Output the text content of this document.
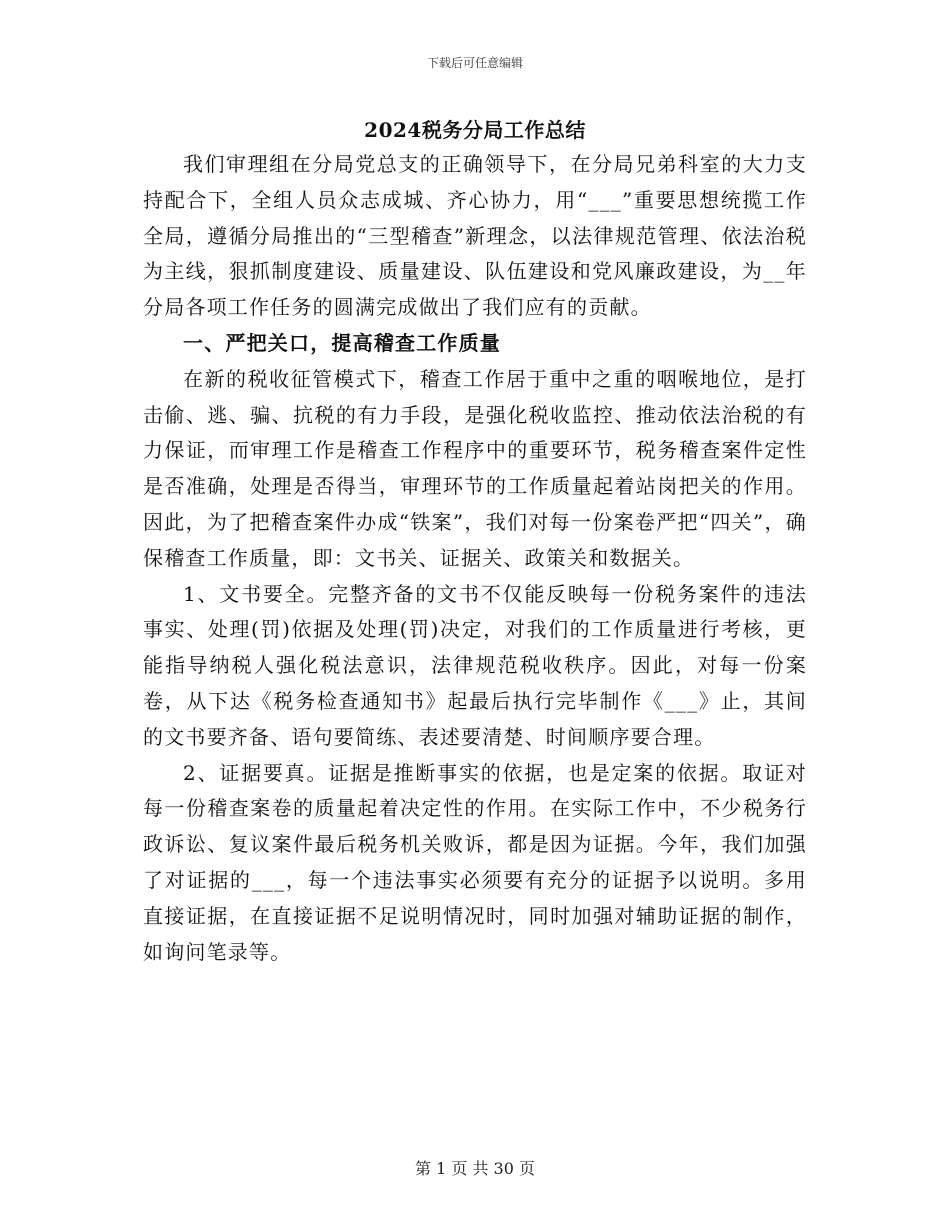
下载后可任意编辑
2024税务分局工作总结

我们审理组在分局党总支的正确领导下，在分局兄弟科室的大力支持配合下，全组人员众志成城、齐心协力，用“___”重要思想统揽工作全局，遵循分局推出的“三型稽查”新理念，以法律规范管理、依法治税为主线，狠抓制度建设、质量建设、队伍建设和党风廉政建设，为__年分局各项工作任务的圆满完成做出了我们应有的贡献。

一、严把关口，提高稽查工作质量

在新的税收征管模式下，稽查工作居于重中之重的咽喉地位，是打击偷、逃、骗、抗税的有力手段，是强化税收监控、推动依法治税的有力保证，而审理工作是稽查工作程序中的重要环节，税务稽查案件定性是否准确，处理是否得当，审理环节的工作质量起着站岗把关的作用。因此，为了把稽查案件办成“铁案”，我们对每一份案卷严把“四关”，确保稽查工作质量，即：文书关、证据关、政策关和数据关。

1、文书要全。完整齐备的文书不仅能反映每一份税务案件的违法事实、处理(罚)依据及处理(罚)决定，对我们的工作质量进行考核，更能指导纳税人强化税法意识，法律规范税收秩序。因此，对每一份案卷，从下达《税务检查通知书》起最后执行完毕制作《___》止，其间的文书要齐备、语句要简练、表述要清楚、时间顺序要合理。

2、证据要真。证据是推断事实的依据，也是定案的依据。取证对每一份稽查案卷的质量起着决定性的作用。在实际工作中，不少税务行政诉讼、复议案件最后税务机关败诉，都是因为证据。今年，我们加强了对证据的___，每一个违法事实必须要有充分的证据予以说明。多用直接证据，在直接证据不足说明情况时，同时加强对辅助证据的制作，如询问笔录等。

第 1 页 共 30 页
